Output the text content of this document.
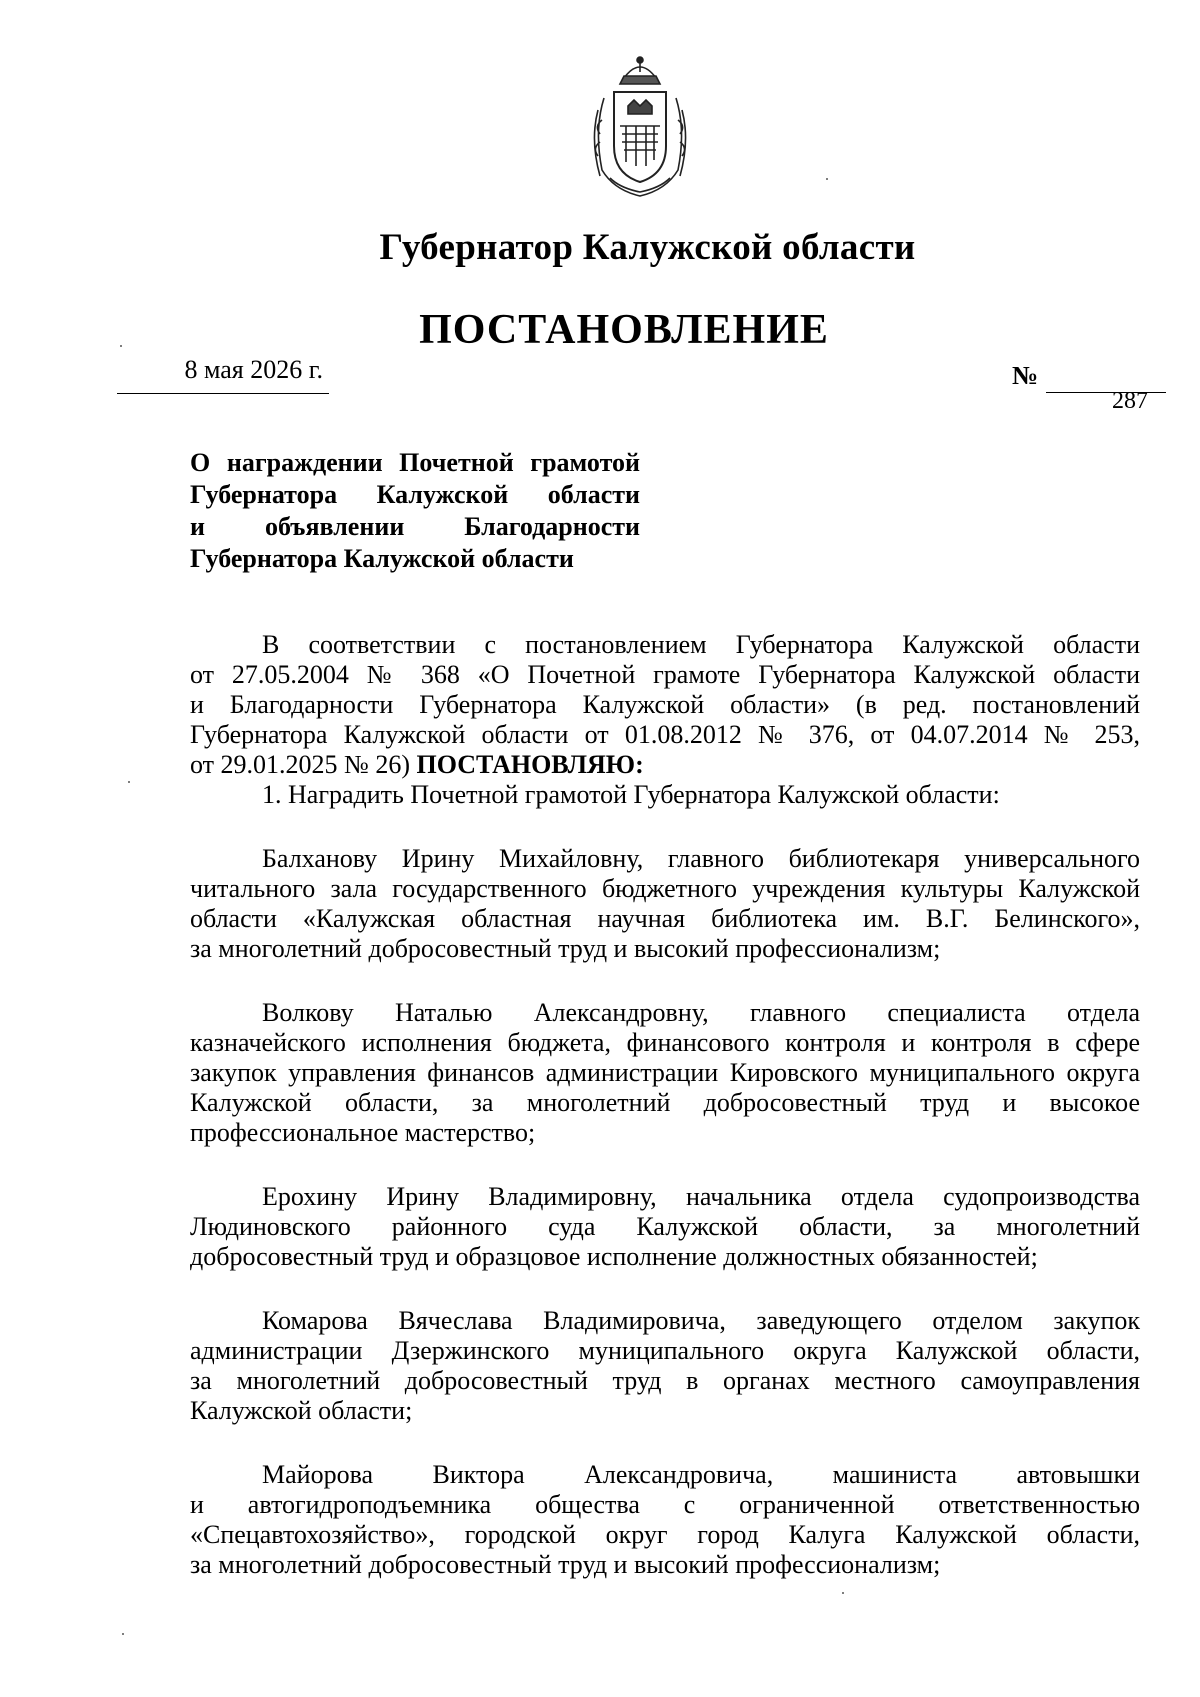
Губернатор Калужской области
ПОСТАНОВЛЕНИЕ
8 мая 2026 г.	№
287
О награждении Почетной грамотой
Губернатора Калужской области
и объявлении Благодарности
Губернатора Калужской области
В соответствии с постановлением Губернатора Калужской области
от 27.05.2004 № 368 «О Почетной грамоте Губернатора Калужской области
и Благодарности Губернатора Калужской области» (в ред. постановлений
Губернатора Калужской области от 01.08.2012 № 376, от 04.07.2014 № 253,
от 29.01.2025 № 26) ПОСТАНОВЛЯЮ:

1. Наградить Почетной грамотой Губернатора Калужской области:

Балханову Ирину Михайловну, главного библиотекаря универсального
читального зала государственного бюджетного учреждения культуры Калужской
области «Калужская областная научная библиотека им. В.Г. Белинского»,
за многолетний добросовестный труд и высокий профессионализм;
Волкову Наталью Александровну, главного специалиста отдела
казначейского исполнения бюджета, финансового контроля и контроля в сфере
закупок управления финансов администрации Кировского муниципального округа
Калужской области, за многолетний добросовестный труд и высокое
профессиональное мастерство;
Ерохину Ирину Владимировну, начальника отдела судопроизводства
Людиновского районного суда Калужской области, за многолетний
добросовестный труд и образцовое исполнение должностных обязанностей;
Комарова Вячеслава Владимировича, заведующего отделом закупок
администрации Дзержинского муниципального округа Калужской области,
за многолетний добросовестный труд в органах местного самоуправления
Калужской области;
Майорова Виктора Александровича, машиниста автовышки
и автогидроподъемника общества с ограниченной ответственностью
«Спецавтохозяйство», городской округ город Калуга Калужской области,
за многолетний добросовестный труд и высокий профессионализм;
